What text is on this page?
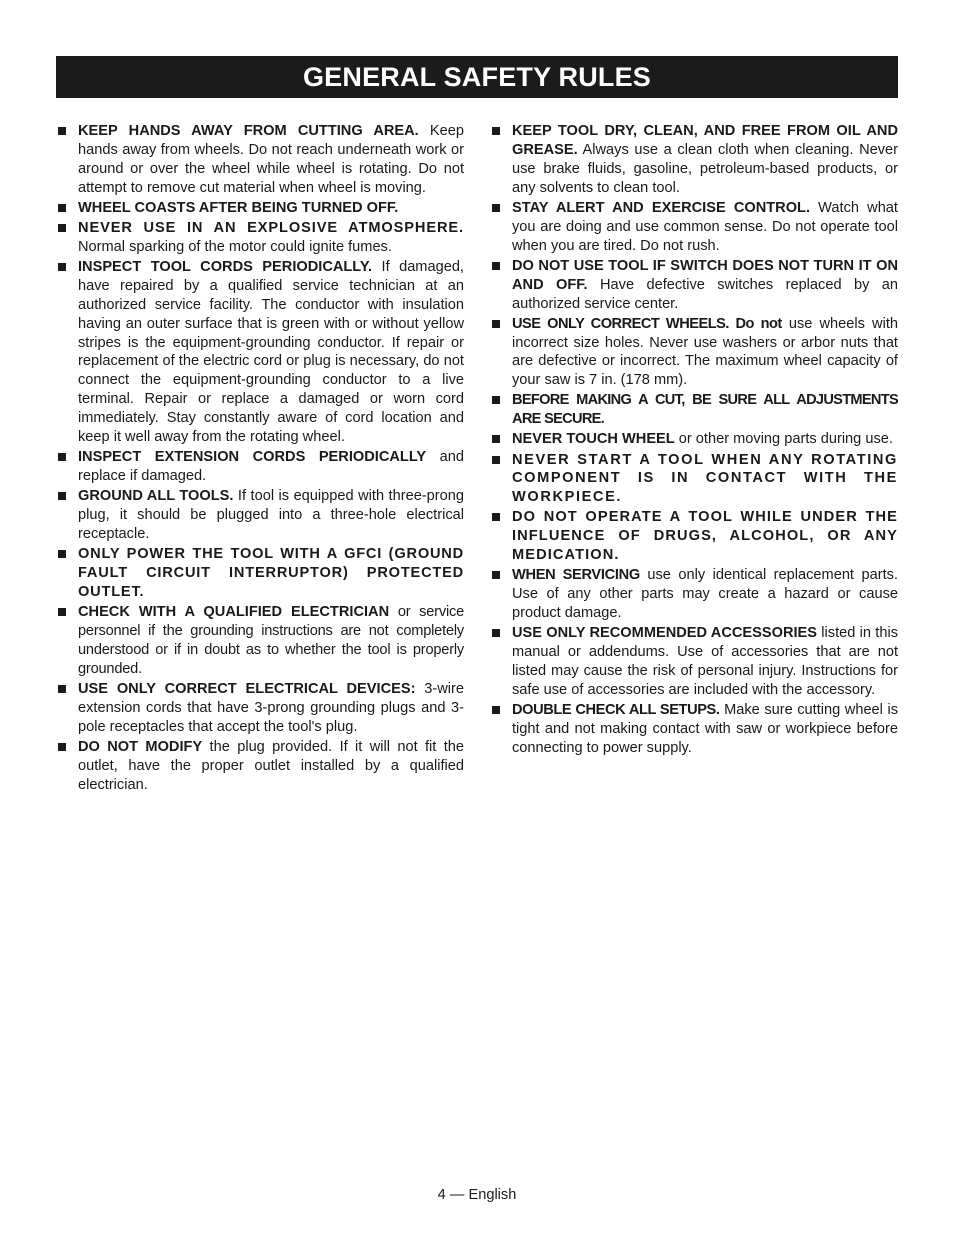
GENERAL SAFETY RULES
KEEP HANDS AWAY FROM CUTTING AREA. Keep hands away from wheels. Do not reach underneath work or around or over the wheel while wheel is rotating. Do not attempt to remove cut material when wheel is moving.
WHEEL COASTS AFTER BEING TURNED OFF.
NEVER USE IN AN EXPLOSIVE ATMOSPHERE. Normal sparking of the motor could ignite fumes.
INSPECT TOOL CORDS PERIODICALLY. If damaged, have repaired by a qualified service technician at an authorized service facility. The conductor with insulation having an outer surface that is green with or without yellow stripes is the equipment-grounding conductor. If repair or replacement of the electric cord or plug is necessary, do not connect the equipment-grounding conductor to a live terminal. Repair or replace a damaged or worn cord immediately. Stay constantly aware of cord location and keep it well away from the rotating wheel.
INSPECT EXTENSION CORDS PERIODICALLY and replace if damaged.
GROUND ALL TOOLS. If tool is equipped with three-prong plug, it should be plugged into a three-hole electrical receptacle.
ONLY POWER THE TOOL WITH A GFCI (GROUND FAULT CIRCUIT INTERRUPTOR) PROTECTED OUTLET.
CHECK WITH A QUALIFIED ELECTRICIAN or service personnel if the grounding instructions are not completely understood or if in doubt as to whether the tool is properly grounded.
USE ONLY CORRECT ELECTRICAL DEVICES: 3-wire extension cords that have 3-prong grounding plugs and 3-pole receptacles that accept the tool's plug.
DO NOT MODIFY the plug provided. If it will not fit the outlet, have the proper outlet installed by a qualified electrician.
KEEP TOOL DRY, CLEAN, AND FREE FROM OIL AND GREASE. Always use a clean cloth when cleaning. Never use brake fluids, gasoline, petroleum-based products, or any solvents to clean tool.
STAY ALERT AND EXERCISE CONTROL. Watch what you are doing and use common sense. Do not operate tool when you are tired. Do not rush.
DO NOT USE TOOL IF SWITCH DOES NOT TURN IT ON AND OFF. Have defective switches replaced by an authorized service center.
USE ONLY CORRECT WHEELS. Do not use wheels with incorrect size holes. Never use washers or arbor nuts that are defective or incorrect. The maximum wheel capacity of your saw is 7 in. (178 mm).
BEFORE MAKING A CUT, BE SURE ALL ADJUSTMENTS ARE SECURE.
NEVER TOUCH WHEEL or other moving parts during use.
NEVER START A TOOL WHEN ANY ROTATING COMPONENT IS IN CONTACT WITH THE WORKPIECE.
DO NOT OPERATE A TOOL WHILE UNDER THE INFLUENCE OF DRUGS, ALCOHOL, OR ANY MEDICATION.
WHEN SERVICING use only identical replacement parts. Use of any other parts may create a hazard or cause product damage.
USE ONLY RECOMMENDED ACCESSORIES listed in this manual or addendums. Use of accessories that are not listed may cause the risk of personal injury. Instructions for safe use of accessories are included with the accessory.
DOUBLE CHECK ALL SETUPS. Make sure cutting wheel is tight and not making contact with saw or workpiece before connecting to power supply.
4 — English
